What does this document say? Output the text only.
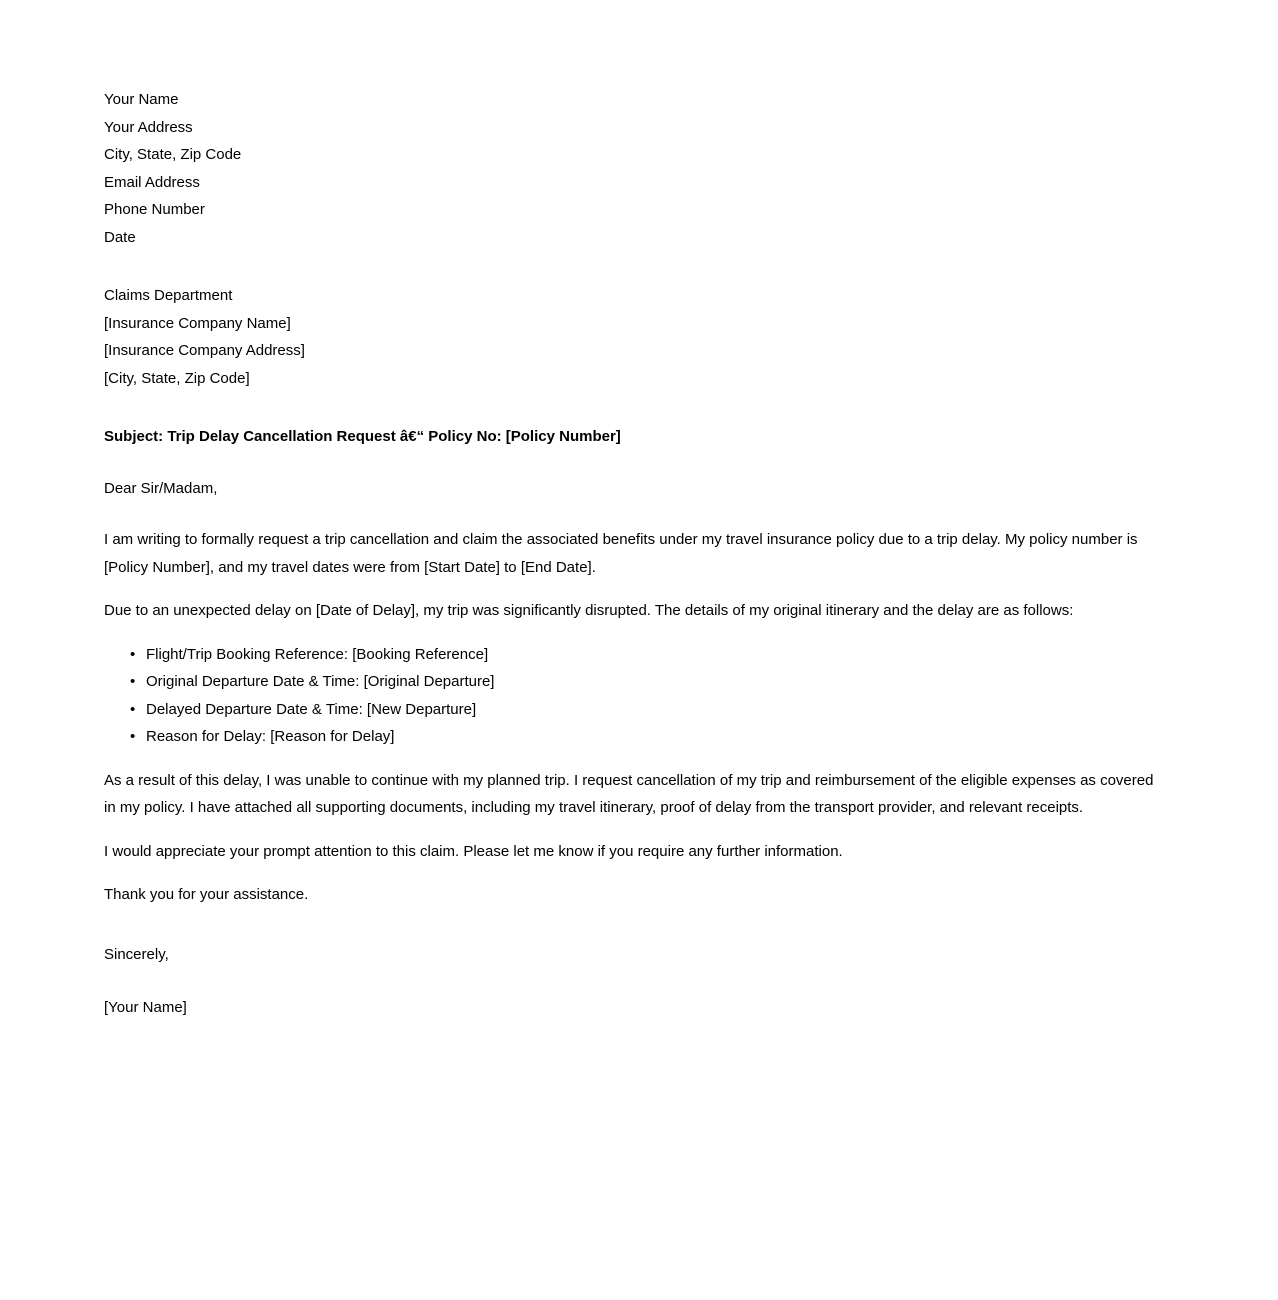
Your Name
Your Address
City, State, Zip Code
Email Address
Phone Number
Date
Claims Department
[Insurance Company Name]
[Insurance Company Address]
[City, State, Zip Code]
Subject: Trip Delay Cancellation Request â€“ Policy No: [Policy Number]
Dear Sir/Madam,

I am writing to formally request a trip cancellation and claim the associated benefits under my travel insurance policy due to a trip delay. My policy number is [Policy Number], and my travel dates were from [Start Date] to [End Date].

Due to an unexpected delay on [Date of Delay], my trip was significantly disrupted. The details of my original itinerary and the delay are as follows:

• Flight/Trip Booking Reference: [Booking Reference]
• Original Departure Date & Time: [Original Departure]
• Delayed Departure Date & Time: [New Departure]
• Reason for Delay: [Reason for Delay]

As a result of this delay, I was unable to continue with my planned trip. I request cancellation of my trip and reimbursement of the eligible expenses as covered in my policy. I have attached all supporting documents, including my travel itinerary, proof of delay from the transport provider, and relevant receipts.

I would appreciate your prompt attention to this claim. Please let me know if you require any further information.

Thank you for your assistance.

Sincerely,
[Your Name]
